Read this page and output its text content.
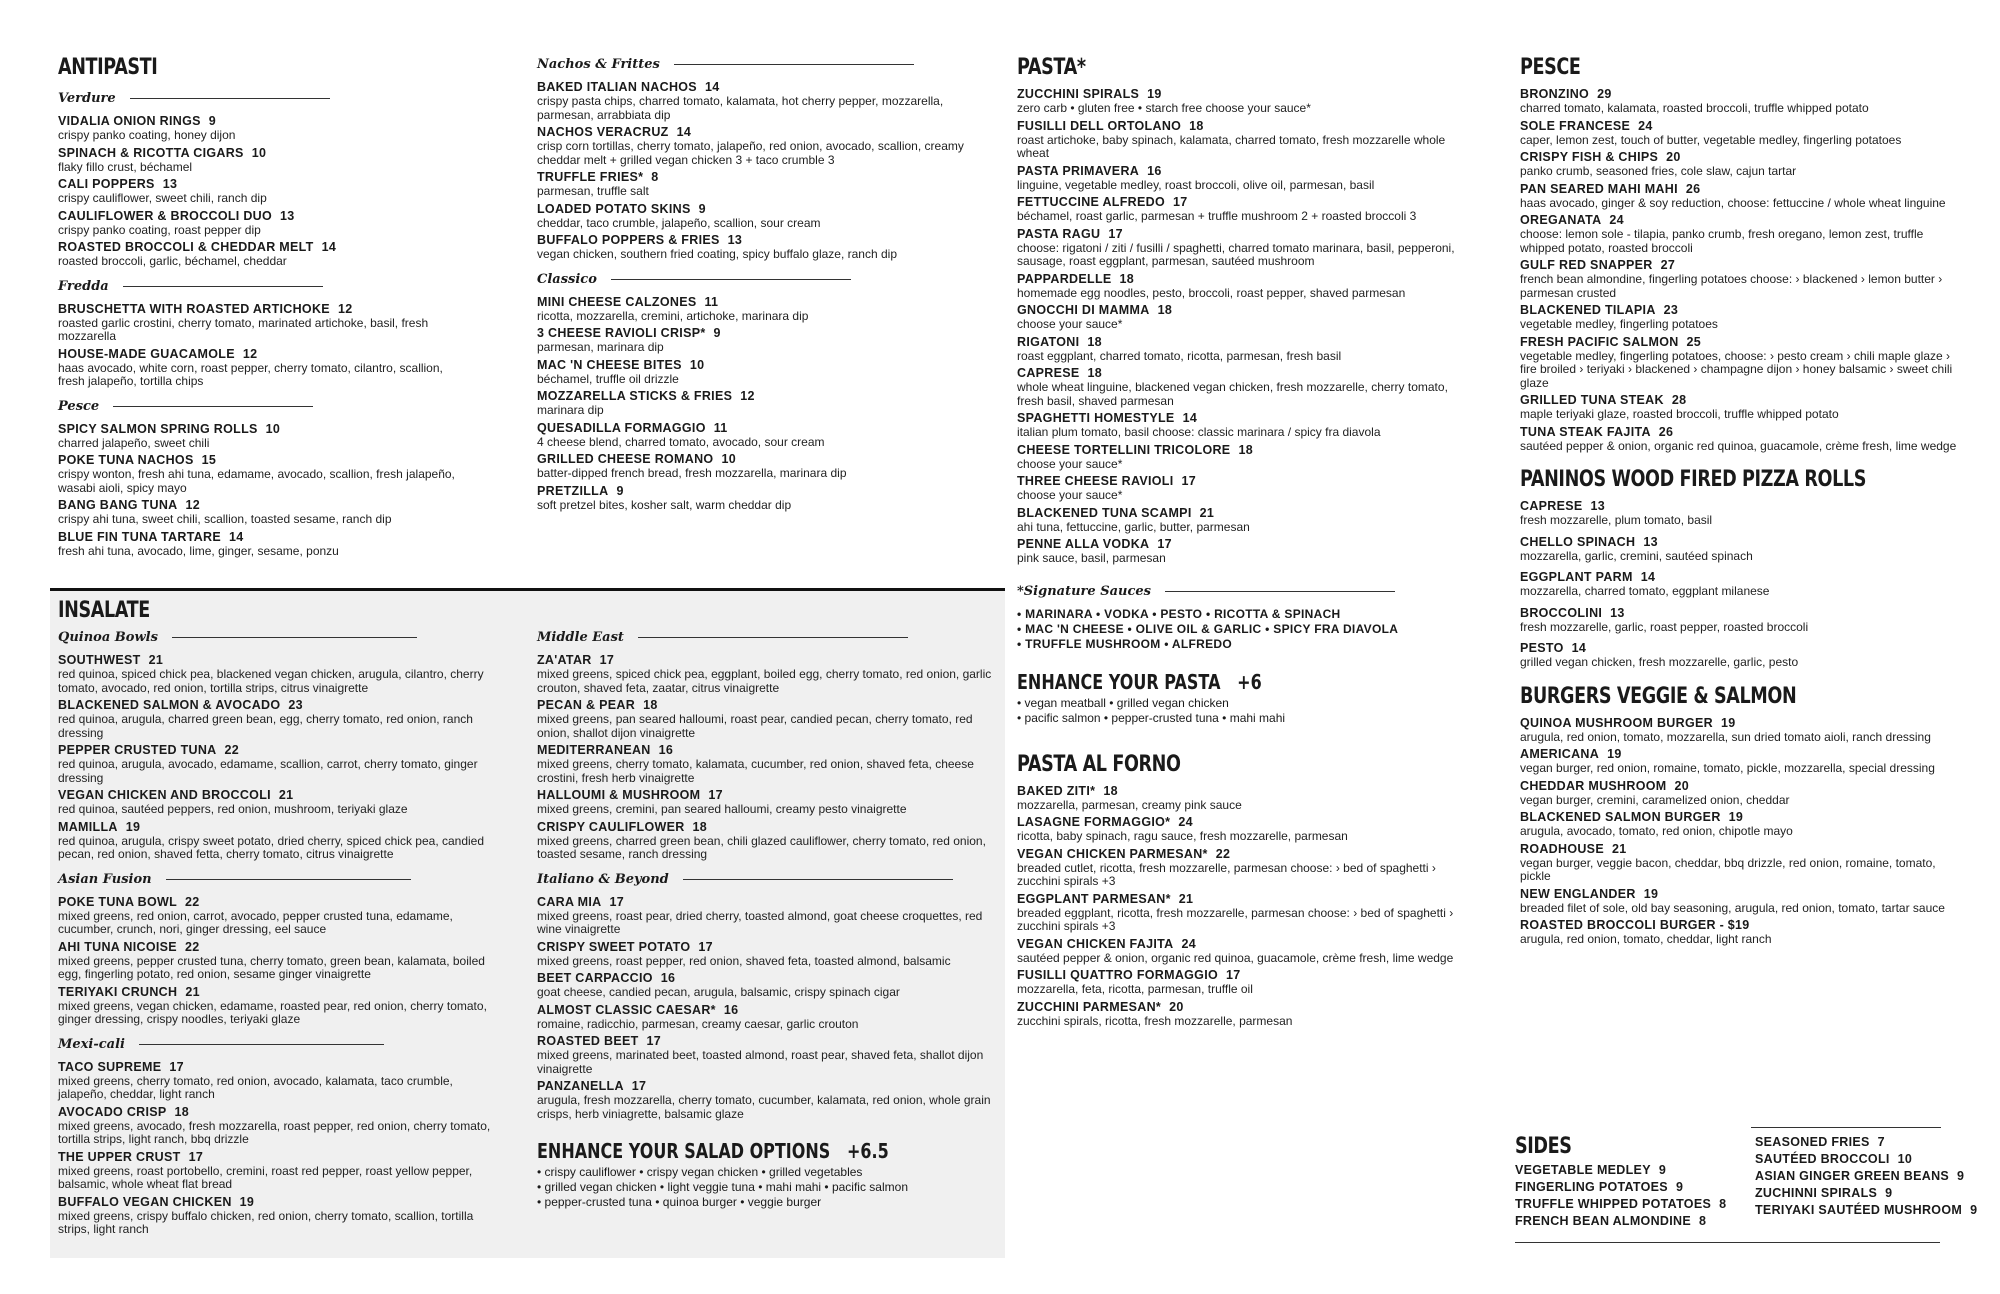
ANTIPASTI
Verdure
VIDALIA ONION RINGS 9
crispy panko coating, honey dijon
SPINACH & RICOTTA CIGARS 10
flaky fillo crust, béchamel
CALI POPPERS 13
crispy cauliflower, sweet chili, ranch dip
CAULIFLOWER & BROCCOLI DUO 13
crispy panko coating, roast pepper dip
ROASTED BROCCOLI & CHEDDAR MELT 14
roasted broccoli, garlic, béchamel, cheddar
Fredda
BRUSCHETTA WITH ROASTED ARTICHOKE 12
roasted garlic crostini, cherry tomato, marinated artichoke, basil, fresh mozzarella
HOUSE-MADE GUACAMOLE 12
haas avocado, white corn, roast pepper, cherry tomato, cilantro, scallion, fresh jalapeño, tortilla chips
Pesce
SPICY SALMON SPRING ROLLS 10
charred jalapeño, sweet chili
POKE TUNA NACHOS 15
crispy wonton, fresh ahi tuna, edamame, avocado, scallion, fresh jalapeño, wasabi aioli, spicy mayo
BANG BANG TUNA 12
crispy ahi tuna, sweet chili, scallion, toasted sesame, ranch dip
BLUE FIN TUNA TARTARE 14
fresh ahi tuna, avocado, lime, ginger, sesame, ponzu
Nachos & Frittes
BAKED ITALIAN NACHOS 14
crispy pasta chips, charred tomato, kalamata, hot cherry pepper, mozzarella, parmesan, arrabbiata dip
NACHOS VERACRUZ 14
crisp corn tortillas, cherry tomato, jalapeño, red onion, avocado, scallion, creamy cheddar melt + grilled vegan chicken 3 + taco crumble 3
TRUFFLE FRIES* 8
parmesan, truffle salt
LOADED POTATO SKINS 9
cheddar, taco crumble, jalapeño, scallion, sour cream
BUFFALO POPPERS & FRIES 13
vegan chicken, southern fried coating, spicy buffalo glaze, ranch dip
Classico
MINI CHEESE CALZONES 11
ricotta, mozzarella, cremini, artichoke, marinara dip
3 CHEESE RAVIOLI CRISP* 9
parmesan, marinara dip
MAC 'N CHEESE BITES 10
béchamel, truffle oil drizzle
MOZZARELLA STICKS & FRIES 12
marinara dip
QUESADILLA FORMAGGIO 11
4 cheese blend, charred tomato, avocado, sour cream
GRILLED CHEESE ROMANO 10
batter-dipped french bread, fresh mozzarella, marinara dip
PRETZILLA 9
soft pretzel bites, kosher salt, warm cheddar dip
INSALATE
Quinoa Bowls
SOUTHWEST 21
red quinoa, spiced chick pea, blackened vegan chicken, arugula, cilantro, cherry tomato, avocado, red onion, tortilla strips, citrus vinaigrette
BLACKENED SALMON & AVOCADO 23
red quinoa, arugula, charred green bean, egg, cherry tomato, red onion, ranch dressing
PEPPER CRUSTED TUNA 22
red quinoa, arugula, avocado, edamame, scallion, carrot, cherry tomato, ginger dressing
VEGAN CHICKEN AND BROCCOLI 21
red quinoa, sautéed peppers, red onion, mushroom, teriyaki glaze
MAMILLA 19
red quinoa, arugula, crispy sweet potato, dried cherry, spiced chick pea, candied pecan, red onion, shaved fetta, cherry tomato, citrus vinaigrette
Asian Fusion
POKE TUNA BOWL 22
mixed greens, red onion, carrot, avocado, pepper crusted tuna, edamame, cucumber, crunch, nori, ginger dressing, eel sauce
AHI TUNA NICOISE 22
mixed greens, pepper crusted tuna, cherry tomato, green bean, kalamata, boiled egg, fingerling potato, red onion, sesame ginger vinaigrette
TERIYAKI CRUNCH 21
mixed greens, vegan chicken, edamame, roasted pear, red onion, cherry tomato, ginger dressing, crispy noodles, teriyaki glaze
Mexi-cali
TACO SUPREME 17
mixed greens, cherry tomato, red onion, avocado, kalamata, taco crumble, jalapeño, cheddar, light ranch
AVOCADO CRISP 18
mixed greens, avocado, fresh mozzarella, roast pepper, red onion, cherry tomato, tortilla strips, light ranch, bbq drizzle
THE UPPER CRUST 17
mixed greens, roast portobello, cremini, roast red pepper, roast yellow pepper, balsamic, whole wheat flat bread
BUFFALO VEGAN CHICKEN 19
mixed greens, crispy buffalo chicken, red onion, cherry tomato, scallion, tortilla strips, light ranch
Middle East
ZA'ATAR 17
mixed greens, spiced chick pea, eggplant, boiled egg, cherry tomato, red onion, garlic crouton, shaved feta, zaatar, citrus vinaigrette
PECAN & PEAR 18
mixed greens, pan seared halloumi, roast pear, candied pecan, cherry tomato, red onion, shallot dijon vinaigrette
MEDITERRANEAN 16
mixed greens, cherry tomato, kalamata, cucumber, red onion, shaved feta, cheese crostini, fresh herb vinaigrette
HALLOUMI & MUSHROOM 17
mixed greens, cremini, pan seared halloumi, creamy pesto vinaigrette
CRISPY CAULIFLOWER 18
mixed greens, charred green bean, chili glazed cauliflower, cherry tomato, red onion, toasted sesame, ranch dressing
Italiano & Beyond
CARA MIA 17
mixed greens, roast pear, dried cherry, toasted almond, goat cheese croquettes, red wine vinaigrette
CRISPY SWEET POTATO 17
mixed greens, roast pepper, red onion, shaved feta, toasted almond, balsamic
BEET CARPACCIO 16
goat cheese, candied pecan, arugula, balsamic, crispy spinach cigar
ALMOST CLASSIC CAESAR* 16
romaine, radicchio, parmesan, creamy caesar, garlic crouton
ROASTED BEET 17
mixed greens, marinated beet, toasted almond, roast pear, shaved feta, shallot dijon vinaigrette
PANZANELLA 17
arugula, fresh mozzarella, cherry tomato, cucumber, kalamata, red onion, whole grain crisps, herb viniagrette, balsamic glaze
ENHANCE YOUR SALAD OPTIONS +6.5
• crispy cauliflower • crispy vegan chicken • grilled vegetables
• grilled vegan chicken • light veggie tuna • mahi mahi • pacific salmon
• pepper-crusted tuna • quinoa burger • veggie burger
PASTA*
ZUCCHINI SPIRALS 19
zero carb • gluten free • starch free choose your sauce*
FUSILLI DELL ORTOLANO 18
roast artichoke, baby spinach, kalamata, charred tomato, fresh mozzarelle whole wheat
PASTA PRIMAVERA 16
linguine, vegetable medley, roast broccoli, olive oil, parmesan, basil
FETTUCCINE ALFREDO 17
béchamel, roast garlic, parmesan + truffle mushroom 2 + roasted broccoli 3
PASTA RAGU 17
choose: rigatoni / ziti / fusilli / spaghetti, charred tomato marinara, basil, pepperoni, sausage, roast eggplant, parmesan, sautéed mushroom
PAPPARDELLE 18
homemade egg noodles, pesto, broccoli, roast pepper, shaved parmesan
GNOCCHI DI MAMMA 18
choose your sauce*
RIGATONI 18
roast eggplant, charred tomato, ricotta, parmesan, fresh basil
CAPRESE 18
whole wheat linguine, blackened vegan chicken, fresh mozzarelle, cherry tomato, fresh basil, shaved parmesan
SPAGHETTI HOMESTYLE 14
italian plum tomato, basil choose: classic marinara / spicy fra diavola
CHEESE TORTELLINI TRICOLORE 18
choose your sauce*
THREE CHEESE RAVIOLI 17
choose your sauce*
BLACKENED TUNA SCAMPI 21
ahi tuna, fettuccine, garlic, butter, parmesan
PENNE ALLA VODKA 17
pink sauce, basil, parmesan
*Signature Sauces
• MARINARA • VODKA • PESTO • RICOTTA & SPINACH
• MAC 'N CHEESE • OLIVE OIL & GARLIC • SPICY FRA DIAVOLA
• TRUFFLE MUSHROOM • ALFREDO
ENHANCE YOUR PASTA +6
• vegan meatball • grilled vegan chicken
• pacific salmon • pepper-crusted tuna • mahi mahi
PASTA AL FORNO
BAKED ZITI* 18
mozzarella, parmesan, creamy pink sauce
LASAGNE FORMAGGIO* 24
ricotta, baby spinach, ragu sauce, fresh mozzarelle, parmesan
VEGAN CHICKEN PARMESAN* 22
breaded cutlet, ricotta, fresh mozzarelle, parmesan choose: › bed of spaghetti › zucchini spirals +3
EGGPLANT PARMESAN* 21
breaded eggplant, ricotta, fresh mozzarelle, parmesan choose: › bed of spaghetti › zucchini spirals +3
VEGAN CHICKEN FAJITA 24
sautéed pepper & onion, organic red quinoa, guacamole, crème fresh, lime wedge
FUSILLI QUATTRO FORMAGGIO 17
mozzarella, feta, ricotta, parmesan, truffle oil
ZUCCHINI PARMESAN* 20
zucchini spirals, ricotta, fresh mozzarelle, parmesan
PESCE
BRONZINO 29
charred tomato, kalamata, roasted broccoli, truffle whipped potato
SOLE FRANCESE 24
caper, lemon zest, touch of butter, vegetable medley, fingerling potatoes
CRISPY FISH & CHIPS 20
panko crumb, seasoned fries, cole slaw, cajun tartar
PAN SEARED MAHI MAHI 26
haas avocado, ginger & soy reduction, choose: fettuccine / whole wheat linguine
OREGANATA 24
choose: lemon sole - tilapia, panko crumb, fresh oregano, lemon zest, truffle whipped potato, roasted broccoli
GULF RED SNAPPER 27
french bean almondine, fingerling potatoes choose: › blackened › lemon butter › parmesan crusted
BLACKENED TILAPIA 23
vegetable medley, fingerling potatoes
FRESH PACIFIC SALMON 25
vegetable medley, fingerling potatoes, choose: › pesto cream › chili maple glaze › fire broiled › teriyaki › blackened › champagne dijon › honey balsamic › sweet chili glaze
GRILLED TUNA STEAK 28
maple teriyaki glaze, roasted broccoli, truffle whipped potato
TUNA STEAK FAJITA 26
sautéed pepper & onion, organic red quinoa, guacamole, crème fresh, lime wedge
PANINOS WOOD FIRED PIZZA ROLLS
CAPRESE 13
fresh mozzarelle, plum tomato, basil
CHELLO SPINACH 13
mozzarella, garlic, cremini, sautéed spinach
EGGPLANT PARM 14
mozzarella, charred tomato, eggplant milanese
BROCCOLINI 13
fresh mozzarelle, garlic, roast pepper, roasted broccoli
PESTO 14
grilled vegan chicken, fresh mozzarelle, garlic, pesto
BURGERS VEGGIE & SALMON
QUINOA MUSHROOM BURGER 19
arugula, red onion, tomato, mozzarella, sun dried tomato aioli, ranch dressing
AMERICANA 19
vegan burger, red onion, romaine, tomato, pickle, mozzarella, special dressing
CHEDDAR MUSHROOM 20
vegan burger, cremini, caramelized onion, cheddar
BLACKENED SALMON BURGER 19
arugula, avocado, tomato, red onion, chipotle mayo
ROADHOUSE 21
vegan burger, veggie bacon, cheddar, bbq drizzle, red onion, romaine, tomato, pickle
NEW ENGLANDER 19
breaded filet of sole, old bay seasoning, arugula, red onion, tomato, tartar sauce
ROASTED BROCCOLI BURGER - $19
arugula, red onion, tomato, cheddar, light ranch
SIDES
VEGETABLE MEDLEY 9
FINGERLING POTATOES 9
TRUFFLE WHIPPED POTATOES 8
FRENCH BEAN ALMONDINE 8
SEASONED FRIES 7
SAUTÉED BROCCOLI 10
ASIAN GINGER GREEN BEANS 9
ZUCHINNI SPIRALS 9
TERIYAKI SAUTÉED MUSHROOM 9
